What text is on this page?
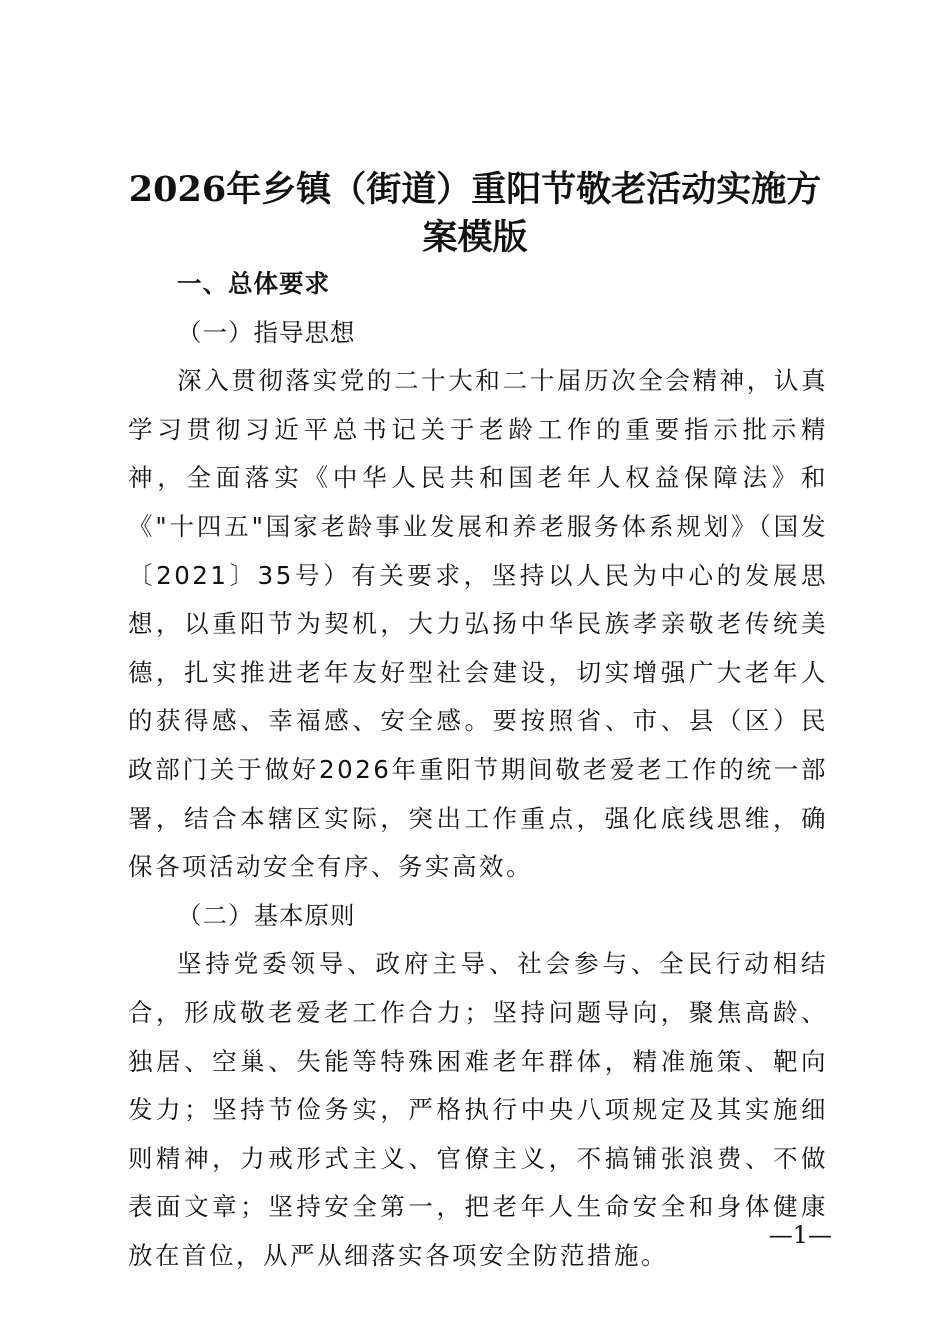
2026年乡镇（街道）重阳节敬老活动实施方
案模版

一、总体要求

（一）指导思想

深入贯彻落实党的二十大和二十届历次全会精神，认真学习贯彻习近平总书记关于老龄工作的重要指示批示精神，全面落实《中华人民共和国老年人权益保障法》和《"十四五"国家老龄事业发展和养老服务体系规划》（国发〔2021〕35号）有关要求，坚持以人民为中心的发展思想，以重阳节为契机，大力弘扬中华民族孝亲敬老传统美德，扎实推进老年友好型社会建设，切实增强广大老年人的获得感、幸福感、安全感。要按照省、市、县（区）民政部门关于做好2026年重阳节期间敬老爱老工作的统一部署，结合本辖区实际，突出工作重点，强化底线思维，确保各项活动安全有序、务实高效。

（二）基本原则

坚持党委领导、政府主导、社会参与、全民行动相结合，形成敬老爱老工作合力；坚持问题导向，聚焦高龄、独居、空巢、失能等特殊困难老年群体，精准施策、靶向发力；坚持节俭务实，严格执行中央八项规定及其实施细则精神，力戒形式主义、官僚主义，不搞铺张浪费、不做表面文章；坚持安全第一，把老年人生命安全和身体健康放在首位，从严从细落实各项安全防范措施。

—1—
